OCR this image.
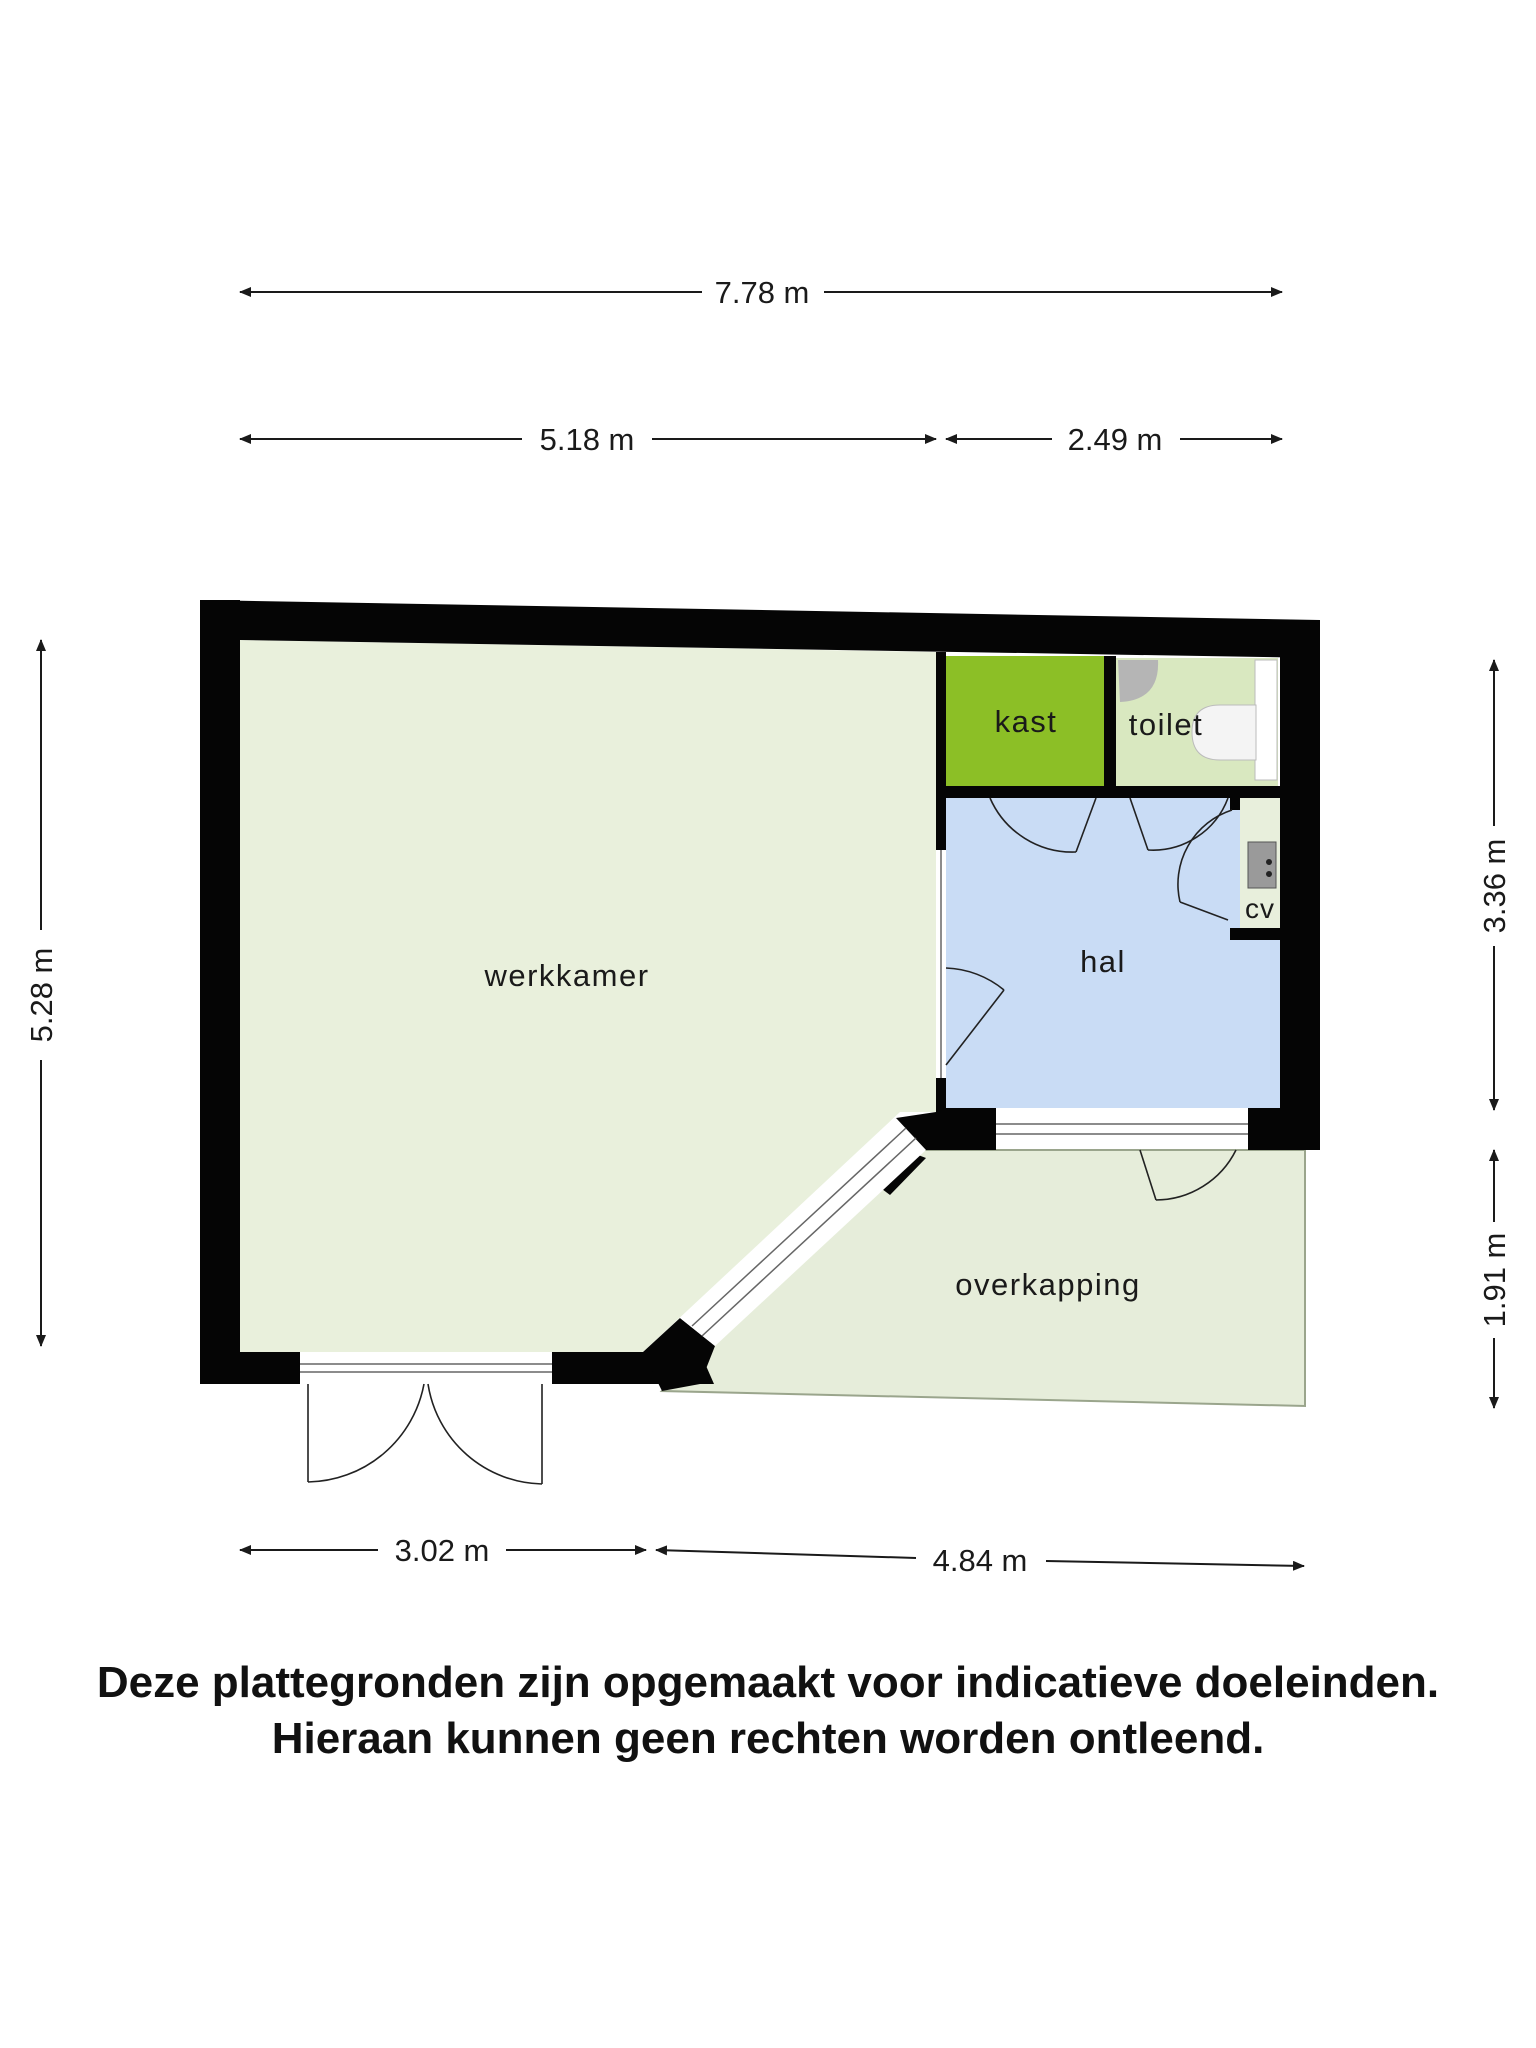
7.78 m
5.18 m	2.49 m
5.28 m
3.36 m
1.91 m
3.02 m	4.84 m
werkkamer
kast toilet
hal
cv
overkapping
Deze plattegronden zijn opgemaakt voor indicatieve doeleinden.
Hieraan kunnen geen rechten worden ontleend.
